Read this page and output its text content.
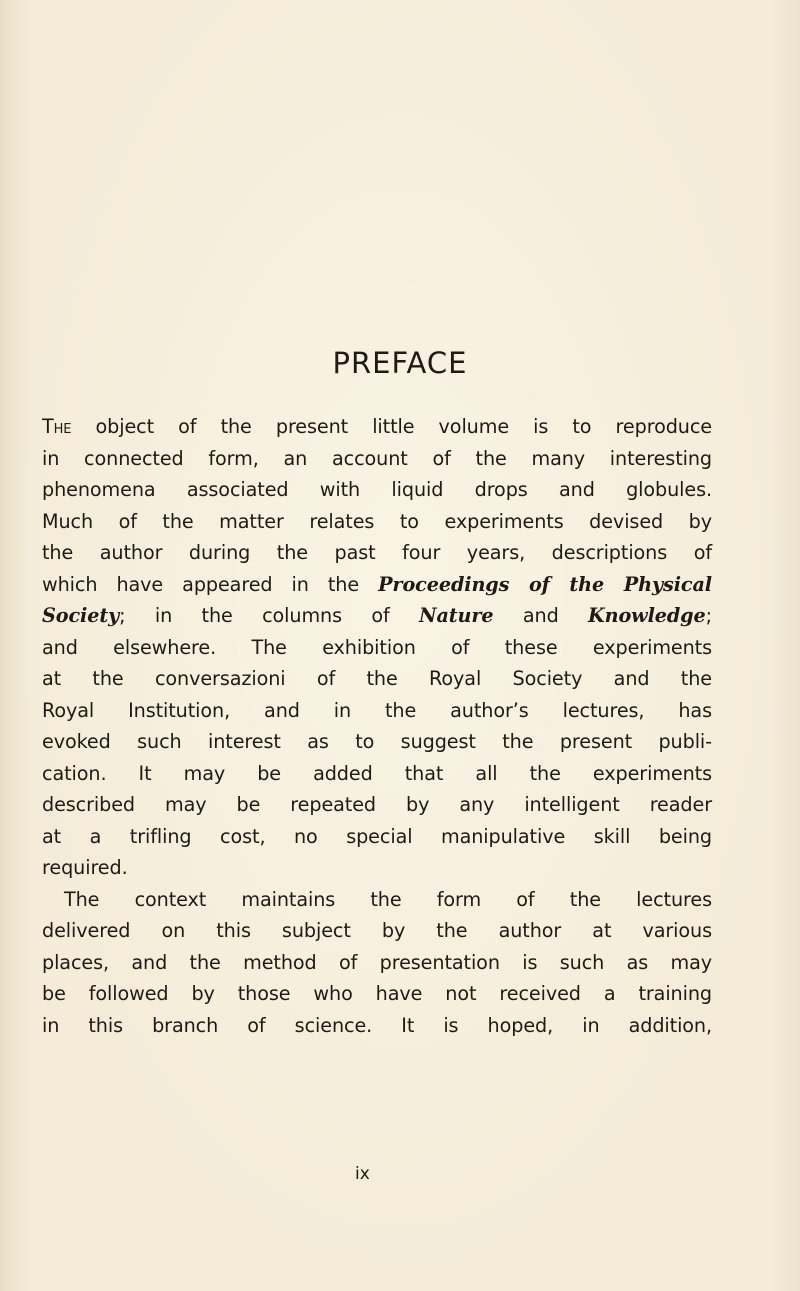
PREFACE
The object of the present little volume is to reproduce
in connected form, an account of the many interesting
phenomena associated with liquid drops and globules.
Much of the matter relates to experiments devised by
the author during the past four years, descriptions of
which have appeared in the Proceedings of the Physical
Society; in the columns of Nature and Knowledge;
and elsewhere. The exhibition of these experiments
at the conversazioni of the Royal Society and the
Royal Institution, and in the author’s lectures, has
evoked such interest as to suggest the present publi-
cation. It may be added that all the experiments
described may be repeated by any intelligent reader
at a trifling cost, no special manipulative skill being
required.
The context maintains the form of the lectures
delivered on this subject by the author at various
places, and the method of presentation is such as may
be followed by those who have not received a training
in this branch of science. It is hoped, in addition,
ix
